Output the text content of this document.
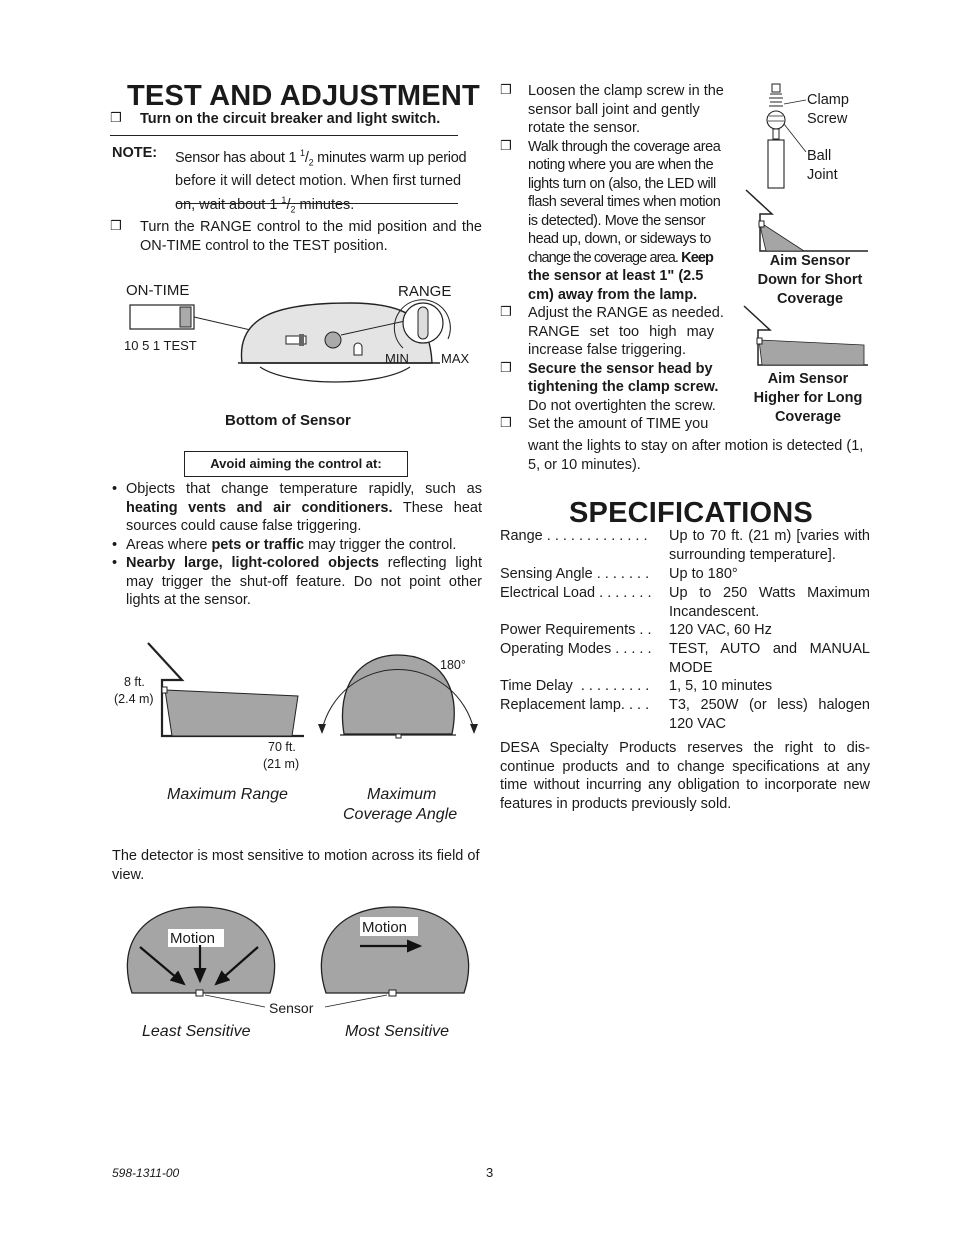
TEST AND ADJUSTMENT
❒ Turn on the circuit breaker and light switch.
NOTE: Sensor has about 1 $^1/_2$ minutes warm up period
before it will detect motion. When first turned
on, wait about 1 $^1/_2$ minutes.
❒ Turn the RANGE control to the mid position and the ON-TIME control to the TEST position.
ON-TIME	RANGE
10 5 1 TEST
MIN MAX
Bottom of Sensor
Avoid aiming the control at:
• Objects that change temperature rapidly, such as heating vents and air conditioners. These heat sources could cause false triggering.
• Areas where pets or traffic may trigger the control.
• Nearby large, light-colored objects reflecting light may trigger the shut-off feature. Do not point other lights at the sensor.
8 ft.
(2.4 m)
70 ft.
(21 m)
180°
Maximum Range	Maximum
Coverage Angle
The detector is most sensitive to motion across its field of view.
Motion
Motion
Sensor
Least Sensitive	Most Sensitive
❒ Loosen the clamp screw in the
sensor ball joint and gently
rotate the sensor.
❒ Walk through the coverage area
noting where you are when the
lights turn on (also, the LED will
flash several times when motion
is detected). Move the sensor
head up, down, or sideways to
change the coverage area. Keep
the sensor at least 1" (2.5
cm) away from the lamp.
❒ Adjust the RANGE as needed.
RANGE set too high may
increase false triggering.
❒ Secure the sensor head by
tightening the clamp screw.
Do not overtighten the screw.
❒ Set the amount of TIME you
want the lights to stay on after motion is detected (1, 5, or 10 minutes).
Clamp
Screw
Ball
Joint
Aim Sensor
Down for Short
Coverage
Aim Sensor
Higher for Long
Coverage
SPECIFICATIONS
Range . . . . . . . . . . . . . Up to 70 ft. (21 m) [varies with surrounding temperature].
Sensing Angle . . . . . . . Up to 180°
Electrical Load . . . . . . . Up to 250 Watts Maximum Incandescent.
Power Requirements . . 120 VAC, 60 Hz
Operating Modes . . . . . TEST, AUTO and MANUAL MODE
Time Delay  . . . . . . . . . 1, 5, 10 minutes
Replacement lamp. . . . T3, 250W (or less) halogen 120 VAC
DESA Specialty Products reserves the right to dis-continue products and to change specifications at any time without incurring any obligation to incorporate new features in products previously sold.
598-1311-00	3
